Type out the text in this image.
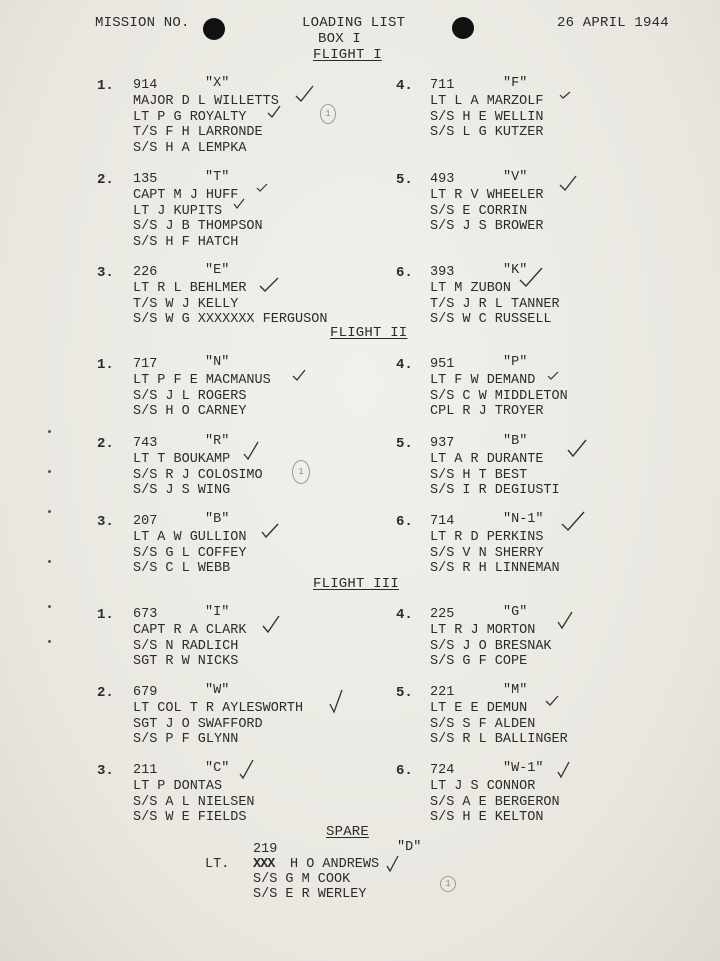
MISSION NO.	LOADING LIST	26 APRIL 1944
BOX I
FLIGHT I
1. 914	"X"
MAJOR D L WILLETTS
LT P G ROYALTY
T/S F H LARRONDE
S/S H A LEMPKA
4. 711	"F"
LT L A MARZOLF
S/S H E WELLIN
S/S L G KUTZER
2. 135	"T"
CAPT M J HUFF
LT J KUPITS
S/S J B THOMPSON
S/S H F HATCH
5. 493	"V"
LT R V WHEELER
S/S E CORRIN
S/S J S BROWER
3. 226	"E"
LT R L BEHLMER
T/S W J KELLY
S/S W G XXXXXXX FERGUSON
6. 393	"K"
LT M ZUBON
T/S J R L TANNER
S/S W C RUSSELL
FLIGHT II
1. 717	"N"
LT P F E MACMANUS
S/S J L ROGERS
S/S H O CARNEY
4. 951	"P"
LT F W DEMAND
S/S C W MIDDLETON
CPL R J TROYER
2. 743	"R"
LT T BOUKAMP
S/S R J COLOSIMO
S/S J S WING
5. 937	"B"
LT A R DURANTE
S/S H T BEST
S/S I R DEGIUSTI
3. 207	"B"
LT A W GULLION
S/S G L COFFEY
S/S C L WEBB
6. 714	"N-1"
LT R D PERKINS
S/S V N SHERRY
S/S R H LINNEMAN
FLIGHT III
1. 673	"I"
CAPT R A CLARK
S/S N RADLICH
SGT R W NICKS
4. 225	"G"
LT R J MORTON
S/S J O BRESNAK
S/S G F COPE
2. 679	"W"
LT COL T R AYLESWORTH
SGT J O SWAFFORD
S/S P F GLYNN
5. 221	"M"
LT E E DEMUN
S/S S F ALDEN
S/S R L BALLINGER
3. 211	"C"
LT P DONTAS
S/S A L NIELSEN
S/S W E FIELDS
6. 724	"W-1"
LT J S CONNOR
S/S A E BERGERON
S/S H E KELTON
SPARE
219	"D"
LT. XXX H O ANDREWS
S/S G M COOK
S/S E R WERLEY
1
1
1
